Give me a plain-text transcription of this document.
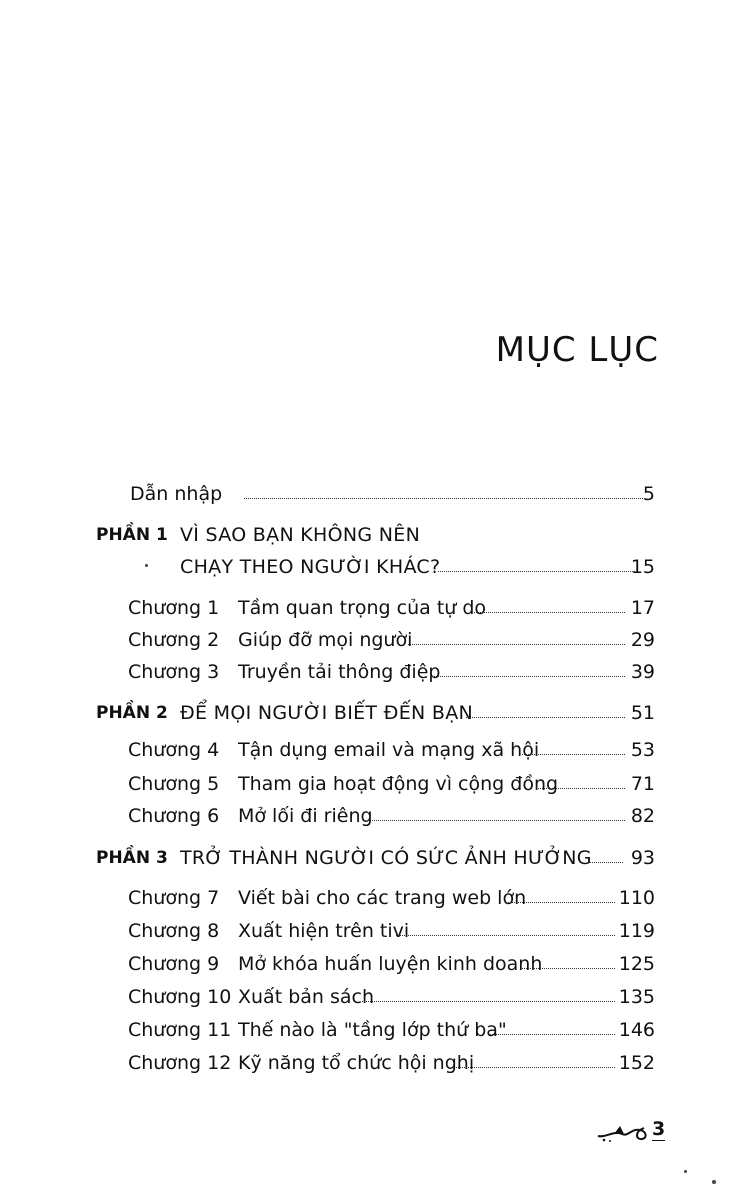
MỤC LỤC
Dẫn nhập	5
PHẦN 1 VÌ SAO BẠN KHÔNG NÊN
CHẠY THEO NGƯỜI KHÁC?	15
Chương 1 Tầm quan trọng của tự do	17
Chương 2 Giúp đỡ mọi người	29
Chương 3 Truyền tải thông điệp	39
PHẦN 2 ĐỂ MỌI NGƯỜI BIẾT ĐẾN BẠN	51
Chương 4 Tận dụng email và mạng xã hội	53
Chương 5 Tham gia hoạt động vì cộng đồng	71
Chương 6 Mở lối đi riêng	82
PHẦN 3 TRỞ THÀNH NGƯỜI CÓ SỨC ẢNH HƯỞNG 93
Chương 7 Viết bài cho các trang web lớn	110
Chương 8 Xuất hiện trên tivi	119
Chương 9 Mở khóa huấn luyện kinh doanh	125
Chương 10 Xuất bản sách	135
Chương 11 Thế nào là "tầng lớp thứ ba"	146
Chương 12 Kỹ năng tổ chức hội nghị	152
3
